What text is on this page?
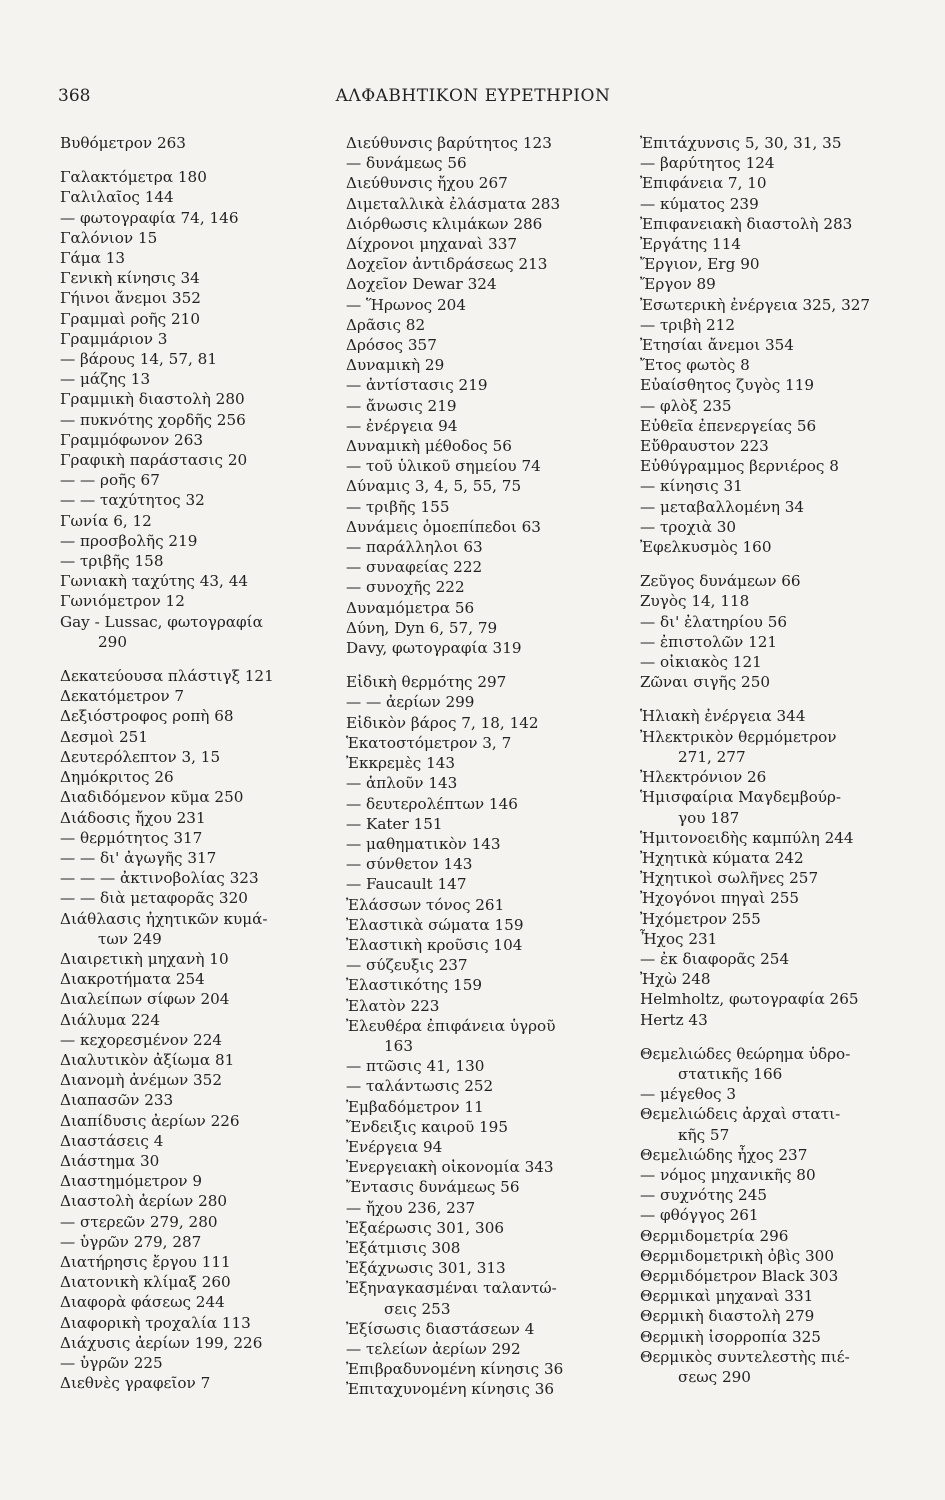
368	ΑΛΦΑΒΗΤΙΚΟΝ ΕΥΡΕΤΗΡΙΟΝ
Βυθόμετρον 263
Γαλακτόμετρα 180
Γαλιλαῖος 144
— φωτογραφία 74, 146
Γαλόνιον 15
Γάμα 13
Γενικὴ κίνησις 34
Γήινοι ἄνεμοι 352
Γραμμαὶ ροῆς 210
Γραμμάριον 3
— βάρους 14, 57, 81
— μάζης 13
Γραμμικὴ διαστολὴ 280
— πυκνότης χορδῆς 256
Γραμμόφωνον 263
Γραφικὴ παράστασις 20
— — ροῆς 67
— — ταχύτητος 32
Γωνία 6, 12
— προσβολῆς 219
— τριβῆς 158
Γωνιακὴ ταχύτης 43, 44
Γωνιόμετρον 12
Gay - Lussac, φωτογραφία
290
Δεκατεύουσα πλάστιγξ 121
Δεκατόμετρον 7
Δεξιόστροφος ροπὴ 68
Δεσμοὶ 251
Δευτερόλεπτον 3, 15
Δημόκριτος 26
Διαδιδόμενον κῦμα 250
Διάδοσις ἤχου 231
— θερμότητος 317
— — δι' ἀγωγῆς 317
— — — ἀκτινοβολίας 323
— — διὰ μεταφορᾶς 320
Διάθλασις ἠχητικῶν κυμά-
των 249
Διαιρετικὴ μηχανὴ 10
Διακροτήματα 254
Διαλείπων σίφων 204
Διάλυμα 224
— κεχορεσμένον 224
Διαλυτικὸν ἀξίωμα 81
Διανομὴ ἀνέμων 352
Διαπασῶν 233
Διαπίδυσις ἀερίων 226
Διαστάσεις 4
Διάστημα 30
Διαστημόμετρον 9
Διαστολὴ ἀερίων 280
— στερεῶν 279, 280
— ὑγρῶν 279, 287
Διατήρησις ἔργου 111
Διατονικὴ κλίμαξ 260
Διαφορὰ φάσεως 244
Διαφορικὴ τροχαλία 113
Διάχυσις ἀερίων 199, 226
— ὑγρῶν 225
Διεθνὲς γραφεῖον 7
Διεύθυνσις βαρύτητος 123
— δυνάμεως 56
Διεύθυνσις ἤχου 267
Διμεταλλικὰ ἐλάσματα 283
Διόρθωσις κλιμάκων 286
Δίχρονοι μηχαναὶ 337
Δοχεῖον ἀντιδράσεως 213
Δοχεῖον Dewar 324
— Ἥρωνος 204
Δρᾶσις 82
Δρόσος 357
Δυναμικὴ 29
— ἀντίστασις 219
— ἄνωσις 219
— ἐνέργεια 94
Δυναμικὴ μέθοδος 56
— τοῦ ὑλικοῦ σημείου 74
Δύναμις 3, 4, 5, 55, 75
— τριβῆς 155
Δυνάμεις ὁμοεπίπεδοι 63
— παράλληλοι 63
— συναφείας 222
— συνοχῆς 222
Δυναμόμετρα 56
Δύνη, Dyn 6, 57, 79
Davy, φωτογραφία 319
Εἰδικὴ θερμότης 297
— — ἀερίων 299
Εἰδικὸν βάρος 7, 18, 142
Ἑκατοστόμετρον 3, 7
Ἐκκρεμὲς 143
— ἁπλοῦν 143
— δευτερολέπτων 146
— Kater 151
— μαθηματικὸν 143
— σύνθετον 143
— Faucault 147
Ἐλάσσων τόνος 261
Ἐλαστικὰ σώματα 159
Ἐλαστικὴ κροῦσις 104
— σύζευξις 237
Ἐλαστικότης 159
Ἐλατὸν 223
Ἐλευθέρα ἐπιφάνεια ὑγροῦ
163
— πτῶσις 41, 130
— ταλάντωσις 252
Ἐμβαδόμετρον 11
Ἔνδειξις καιροῦ 195
Ἐνέργεια 94
Ἐνεργειακὴ οἰκονομία 343
Ἔντασις δυνάμεως 56
— ἤχου 236, 237
Ἐξαέρωσις 301, 306
Ἐξάτμισις 308
Ἐξάχνωσις 301, 313
Ἐξηναγκασμέναι ταλαντώ-
σεις 253
Ἐξίσωσις διαστάσεων 4
— τελείων ἀερίων 292
Ἐπιβραδυνομένη κίνησις 36
Ἐπιταχυνομένη κίνησις 36
Ἐπιτάχυνσις 5, 30, 31, 35
— βαρύτητος 124
Ἐπιφάνεια 7, 10
— κύματος 239
Ἐπιφανειακὴ διαστολὴ 283
Ἐργάτης 114
Ἔργιον, Erg 90
Ἔργον 89
Ἐσωτερικὴ ἐνέργεια 325, 327
— τριβὴ 212
Ἐτησίαι ἄνεμοι 354
Ἔτος φωτὸς 8
Εὐαίσθητος ζυγὸς 119
— φλὸξ 235
Εὐθεῖα ἐπενεργείας 56
Εὔθραυστον 223
Εὐθύγραμμος βερνιέρος 8
— κίνησις 31
— μεταβαλλομένη 34
— τροχιὰ 30
Ἐφελκυσμὸς 160
Ζεῦγος δυνάμεων 66
Ζυγὸς 14, 118
— δι' ἐλατηρίου 56
— ἐπιστολῶν 121
— οἰκιακὸς 121
Ζῶναι σιγῆς 250
Ἡλιακὴ ἐνέργεια 344
Ἠλεκτρικὸν θερμόμετρον
271, 277
Ἠλεκτρόνιον 26
Ἡμισφαίρια Μαγδεμβούρ-
γου 187
Ἡμιτονοειδὴς καμπύλη 244
Ἠχητικὰ κύματα 242
Ἠχητικοὶ σωλῆνες 257
Ἠχογόνοι πηγαὶ 255
Ἠχόμετρον 255
Ἦχος 231
— ἐκ διαφορᾶς 254
Ἠχὼ 248
Helmholtz, φωτογραφία 265
Hertz 43
Θεμελιώδες θεώρημα ὑδρο-
στατικῆς 166
— μέγεθος 3
Θεμελιώδεις ἀρχαὶ στατι-
κῆς 57
Θεμελιώδης ἦχος 237
— νόμος μηχανικῆς 80
— συχνότης 245
— φθόγγος 261
Θερμιδομετρία 296
Θερμιδομετρικὴ ὀβὶς 300
Θερμιδόμετρον Black 303
Θερμικαὶ μηχαναὶ 331
Θερμικὴ διαστολὴ 279
Θερμικὴ ἰσορροπία 325
Θερμικὸς συντελεστὴς πιέ-
σεως 290
